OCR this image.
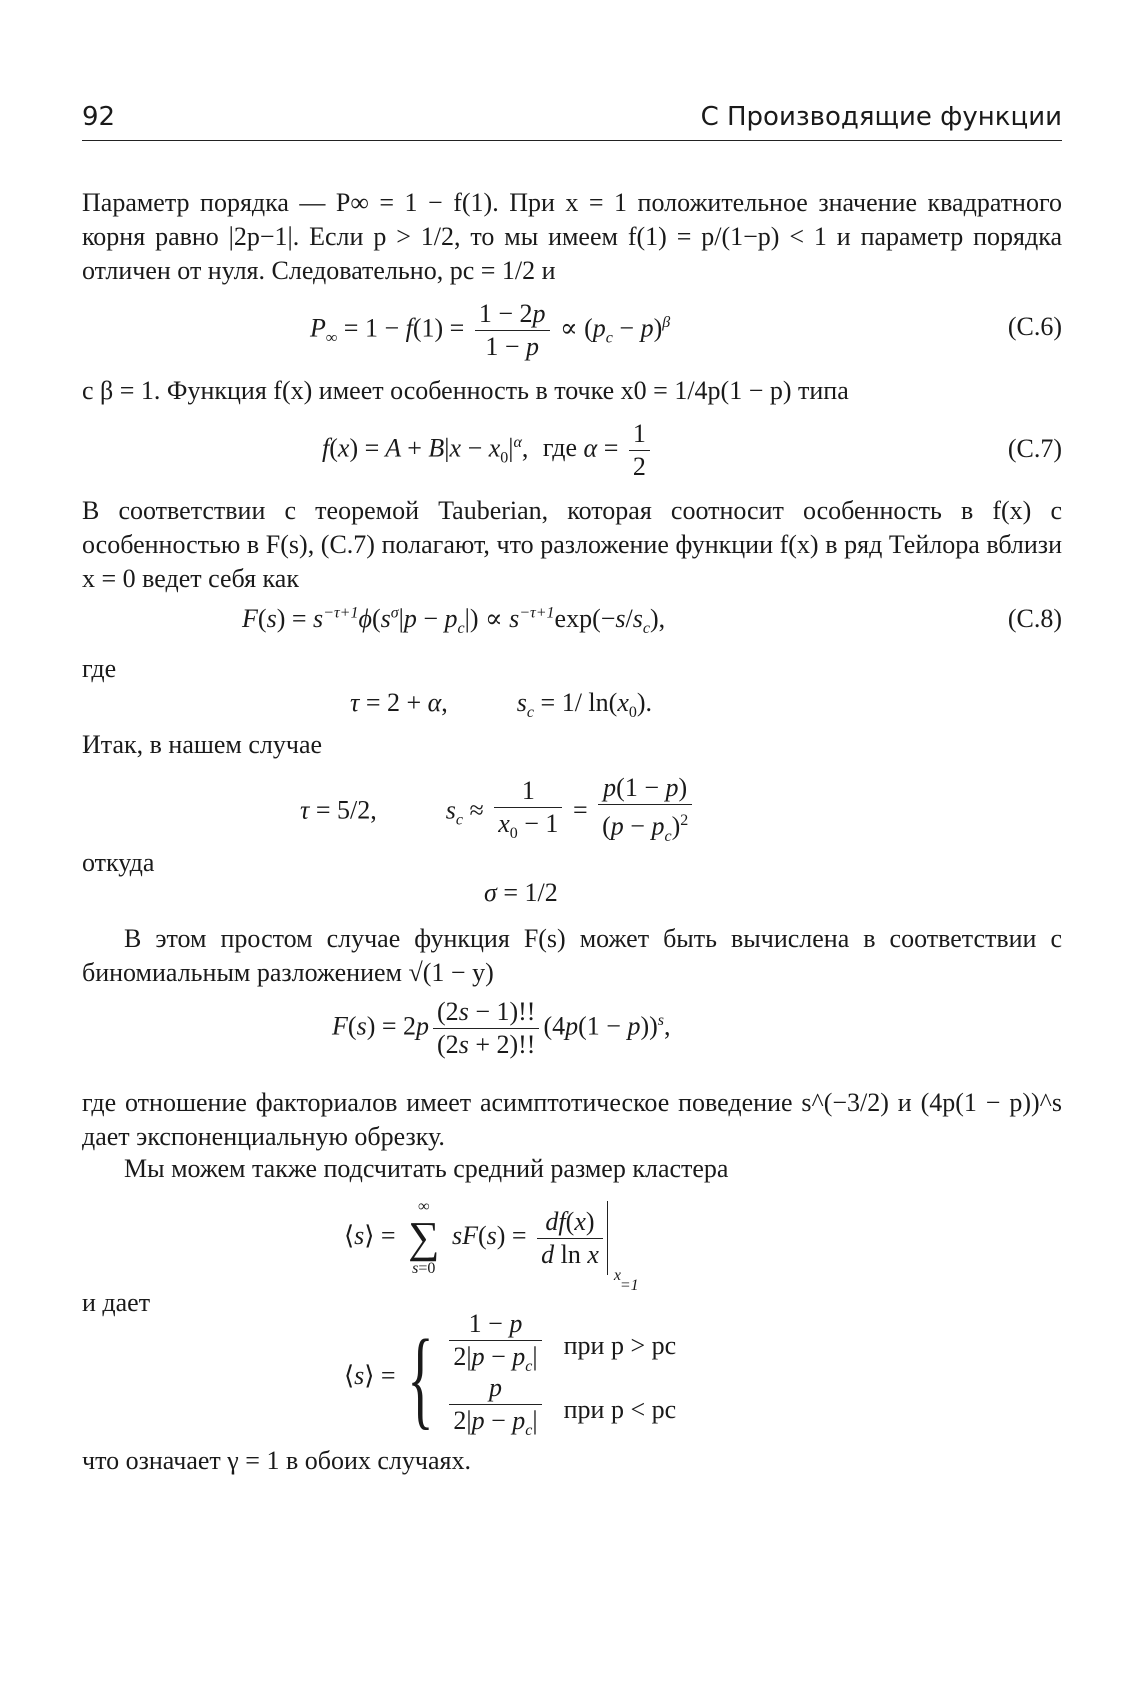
92	С Производящие функции
Параметр порядка — P∞ = 1 − f(1). При x = 1 положительное значение квадратного корня равно |2p−1|. Если p > 1/2, то мы имеем f(1) = p/(1−p) < 1 и параметр порядка отличен от нуля. Следовательно, pc = 1/2 и
$P_\infty = 1 - f(1) = \frac{1 - 2p}{1 - p} \propto (p_c - p)^\beta$	(С.6)
с β = 1. Функция f(x) имеет особенность в точке x0 = 1/4p(1 − p) типа
$f(x) = A + B|x - x_0|^\alpha$, где $\alpha = \frac{1}{2}$	(С.7)
В соответствии с теоремой Tauberian, которая соотносит особенность в f(x) с особенностью в F(s), (С.7) полагают, что разложение функции f(x) в ряд Тейлора вблизи x = 0 ведет себя как
$F(s) = s^{-\tau+1}\phi(s^\sigma|p - p_c|) \propto s^{-\tau+1}\exp(-s/s_c)$,	(С.8)
где
τ = 2 + α,  $s_c = 1/$ $\ln(x_0)$.
Итак, в нашем случае
τ = 5/2,  $s_c \approx \frac{1}{x_0 - 1} = \frac{p(1 - p)}{(p - p_c)^2}$
откуда
σ = 1/2
В этом простом случае функция F(s) может быть вычислена в соответствии с биномиальным разложением √(1 − y)
$F(s) = 2p \frac{(2s - 1)!!}{(2s + 2)!!} (4p(1 - p))^s$,
где отношение факториалов имеет асимптотическое поведение s^(−3/2) и (4p(1 − p))^s дает экспоненциальную обрезку.
Мы можем также подсчитать средний размер кластера
⟨s⟩ =
∞
∑
s=0
$sF(s) = \frac{df(x)}{\text{d ln x}}$
x
=1
и дает
⟨s⟩ = { $\frac{1 - p}{2|p - p_c|}$ при p > pc
$\frac{p}{2|p - p_c|}$ при p < pc
что означает γ = 1 в обоих случаях.
